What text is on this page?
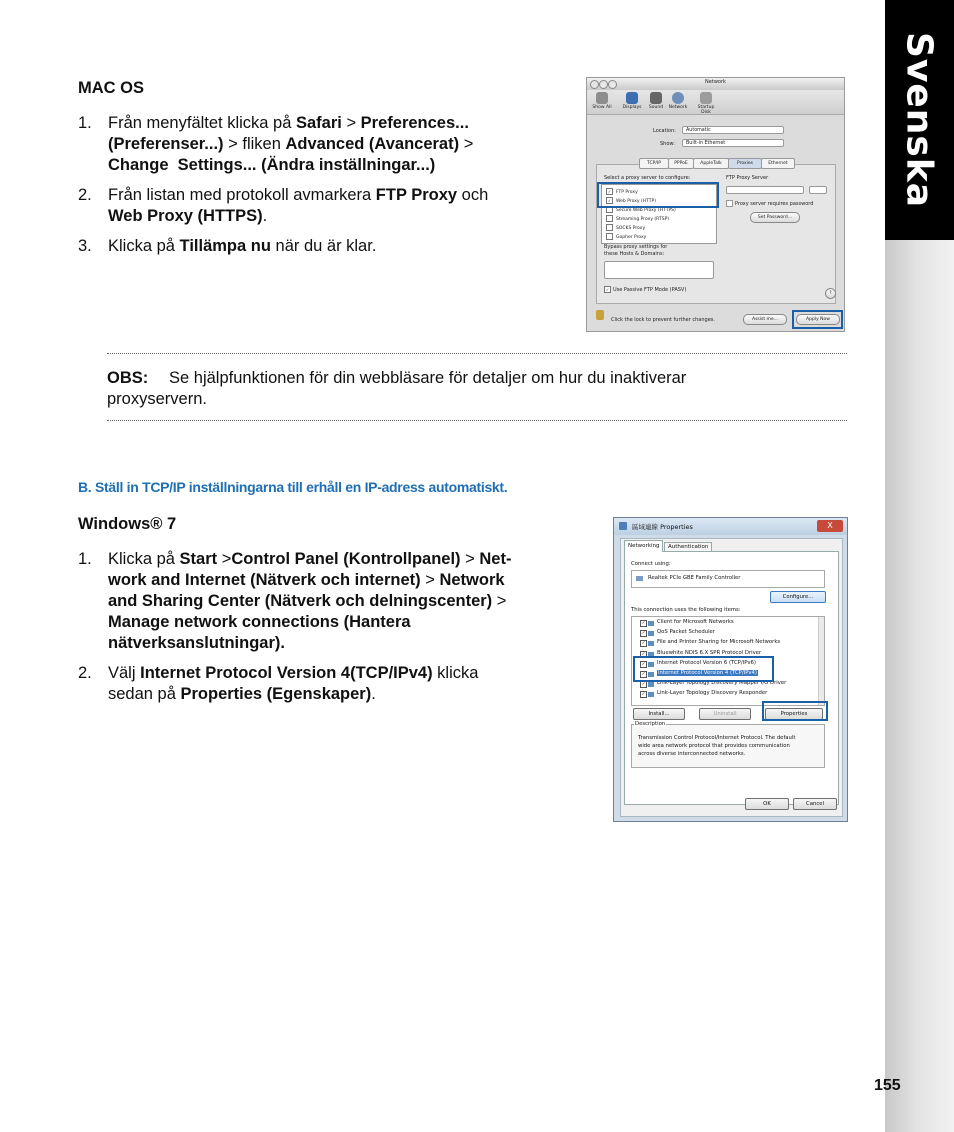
Svenska
MAC OS
1. Från menyfältet klicka på Safari > Preferences...
(Preferenser...) > fliken Advanced (Avancerat) >
Change  Settings... (Ändra inställningar...)
2. Från listan med protokoll avmarkera FTP Proxy och
Web Proxy (HTTPS).
3. Klicka på Tillämpa nu när du är klar.
Network
Show All	Displays	Sound	Network	Startup Disk
Location:	Automatic
Show:	Built-in Ethernet
TCP/IP	PPPoE	AppleTalk	Proxies	Ethernet
Select a proxy server to configure:
✓ FTP Proxy
✓ Web Proxy (HTTP)
Secure Web Proxy (HTTPS)
Streaming Proxy (RTSP)
SOCKS Proxy
Gopher Proxy
FTP Proxy Server
Proxy server requires password
Set Password...
Bypass proxy settings for
these Hosts & Domains:
✓ Use Passive FTP Mode (PASV)
?
Click the lock to prevent further changes.	Assist me...	Apply Now
OBS: Se hjälpfunktionen för din webbläsare för detaljer om hur du inaktiverar
proxyservern.
B. Ställ in TCP/IP inställningarna till erhåll en IP-adress automatiskt.
Windows® 7
1. Klicka på Start >Control Panel (Kontrollpanel) > Net-
work and Internet (Nätverk och internet) > Network
and Sharing Center (Nätverk och delningscenter) >
Manage network connections (Hantera
nätverksanslutningar).
2. Välj Internet Protocol Version 4(TCP/IPv4) klicka
sedan på Properties (Egenskaper).
區域連線 Properties	X
Networking	Authentication
Connect using:
Realtek PCIe GBE Family Controller
Configure...
This connection uses the following items:
✓	Client for Microsoft Networks
✓	QoS Packet Scheduler
✓	File and Printer Sharing for Microsoft Networks
✓	Bluewhite NDIS 6.X SPR Protocol Driver
✓	Internet Protocol Version 6 (TCP/IPv6)
✓	Internet Protocol Version 4 (TCP/IPv4)
✓	Link-Layer Topology Discovery Mapper I/O Driver
✓	Link-Layer Topology Discovery Responder
Install...	Uninstall	Properties
Description
Transmission Control Protocol/Internet Protocol. The default
wide area network protocol that provides communication
across diverse interconnected networks.
OK	Cancel
155
